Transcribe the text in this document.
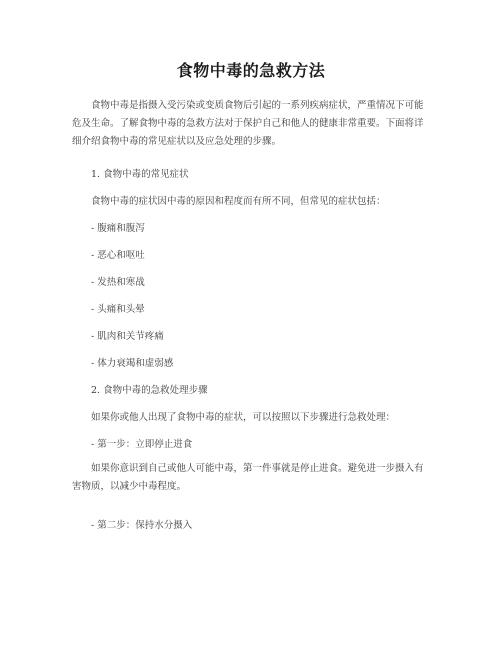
食物中毒的急救方法

食物中毒是指摄入受污染或变质食物后引起的一系列疾病症状，严重情况下可能危及生命。了解食物中毒的急救方法对于保护自己和他人的健康非常重要。下面将详细介绍食物中毒的常见症状以及应急处理的步骤。

1. 食物中毒的常见症状

食物中毒的症状因中毒的原因和程度而有所不同，但常见的症状包括：

- 腹痛和腹泻

- 恶心和呕吐

- 发热和寒战

- 头痛和头晕

- 肌肉和关节疼痛

- 体力衰竭和虚弱感

2. 食物中毒的急救处理步骤

如果你或他人出现了食物中毒的症状，可以按照以下步骤进行急救处理：

- 第一步：立即停止进食

如果你意识到自己或他人可能中毒，第一件事就是停止进食。避免进一步摄入有害物质，以减少中毒程度。

- 第二步：保持水分摄入
